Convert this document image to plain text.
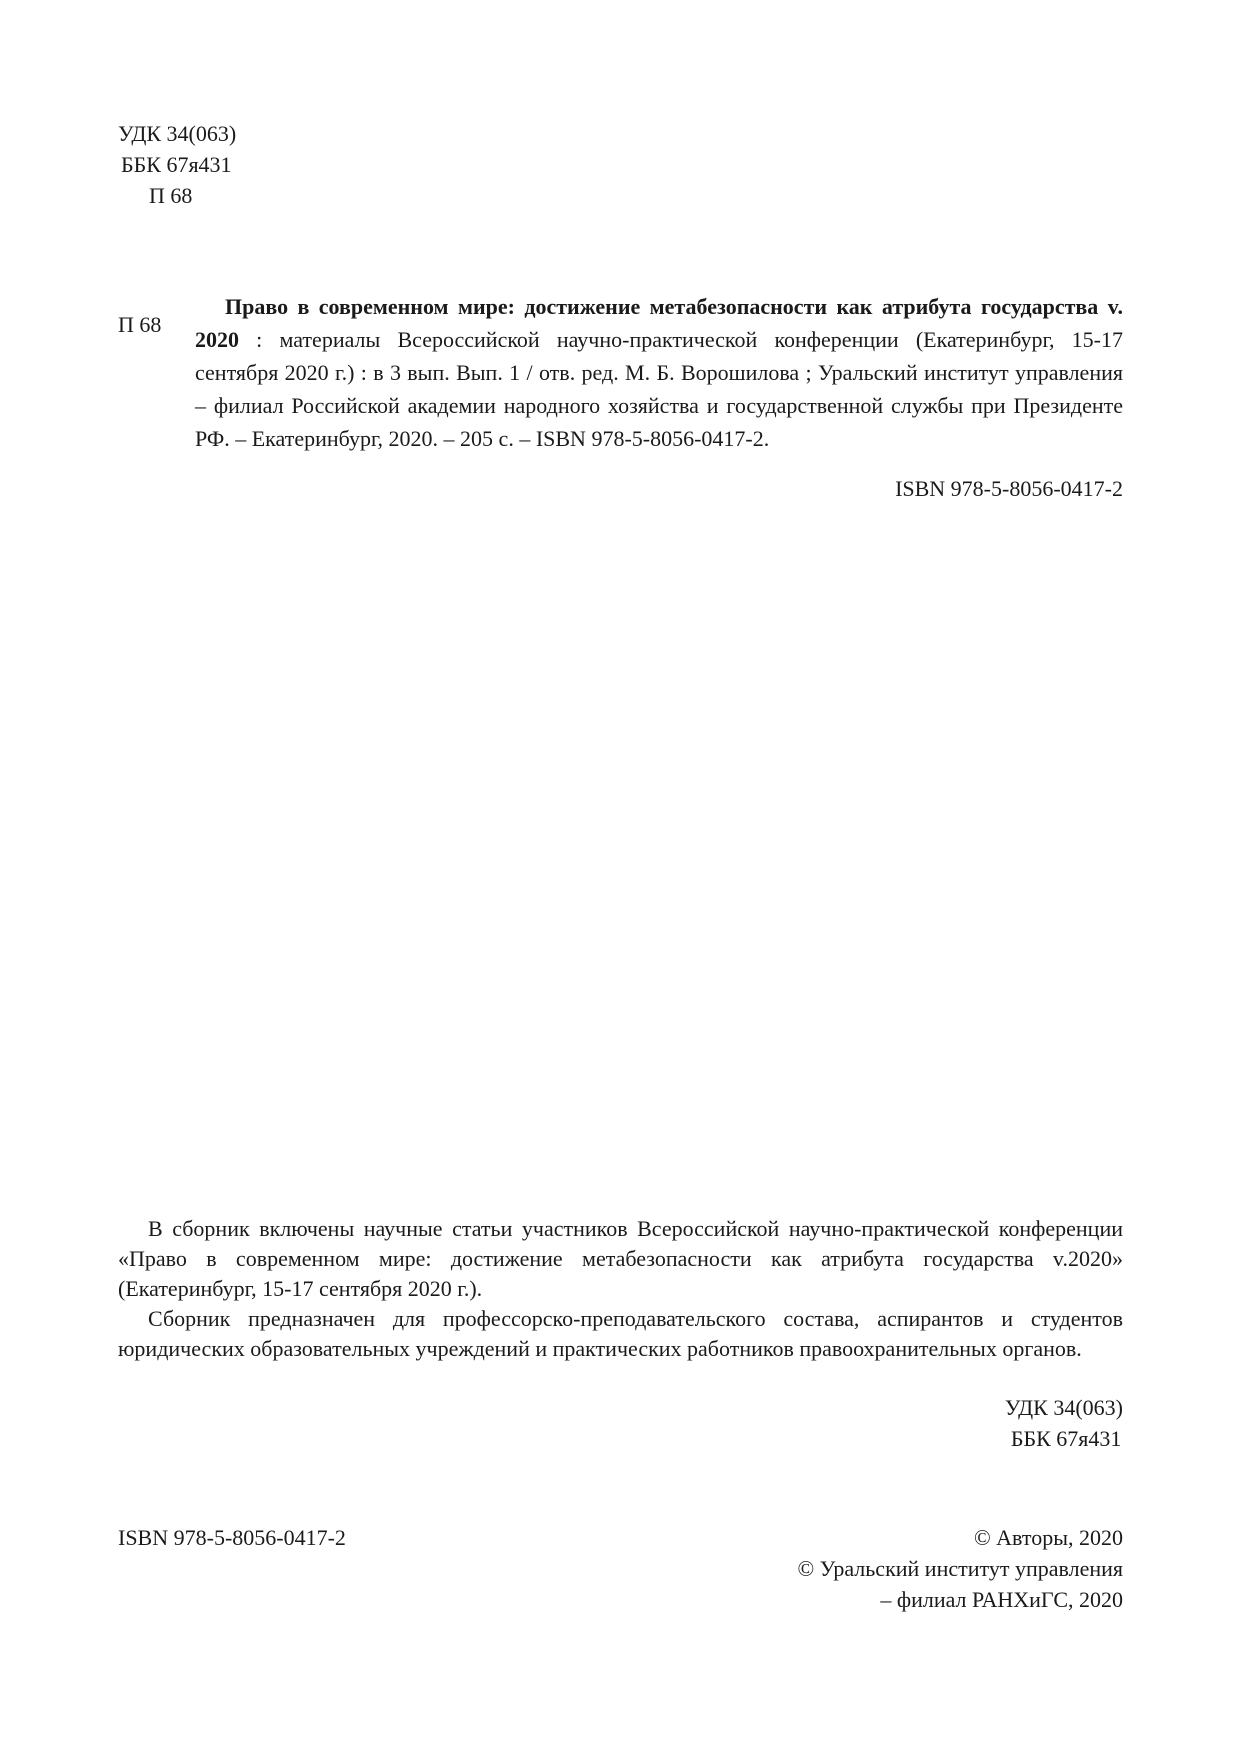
УДК 34(063)
ББК 67я431
П 68
П 68
Право в современном мире: достижение метабезопасности как атрибута государства v. 2020 : материалы Всероссийской научно-практической конференции (Екатеринбург, 15-17 сентября 2020 г.) : в 3 вып. Вып. 1 / отв. ред. М. Б. Ворошилова ; Уральский институт управления – филиал Российской академии народного хозяйства и государственной службы при Президенте РФ. – Екатеринбург, 2020. – 205 с. – ISBN 978-5-8056-0417-2.
ISBN 978-5-8056-0417-2

В сборник включены научные статьи участников Всероссийской научно-практической конференции «Право в современном мире: достижение метабезопасности как атрибута государства v.2020» (Екатеринбург, 15-17 сентября 2020 г.).

Сборник предназначен для профессорско-преподавательского состава, аспирантов и студентов юридических образовательных учреждений и практических работников правоохранительных органов.

УДК 34(063)
ББК 67я431
ISBN 978-5-8056-0417-2	© Авторы, 2020
© Уральский институт управления
– филиал РАНХиГС, 2020
